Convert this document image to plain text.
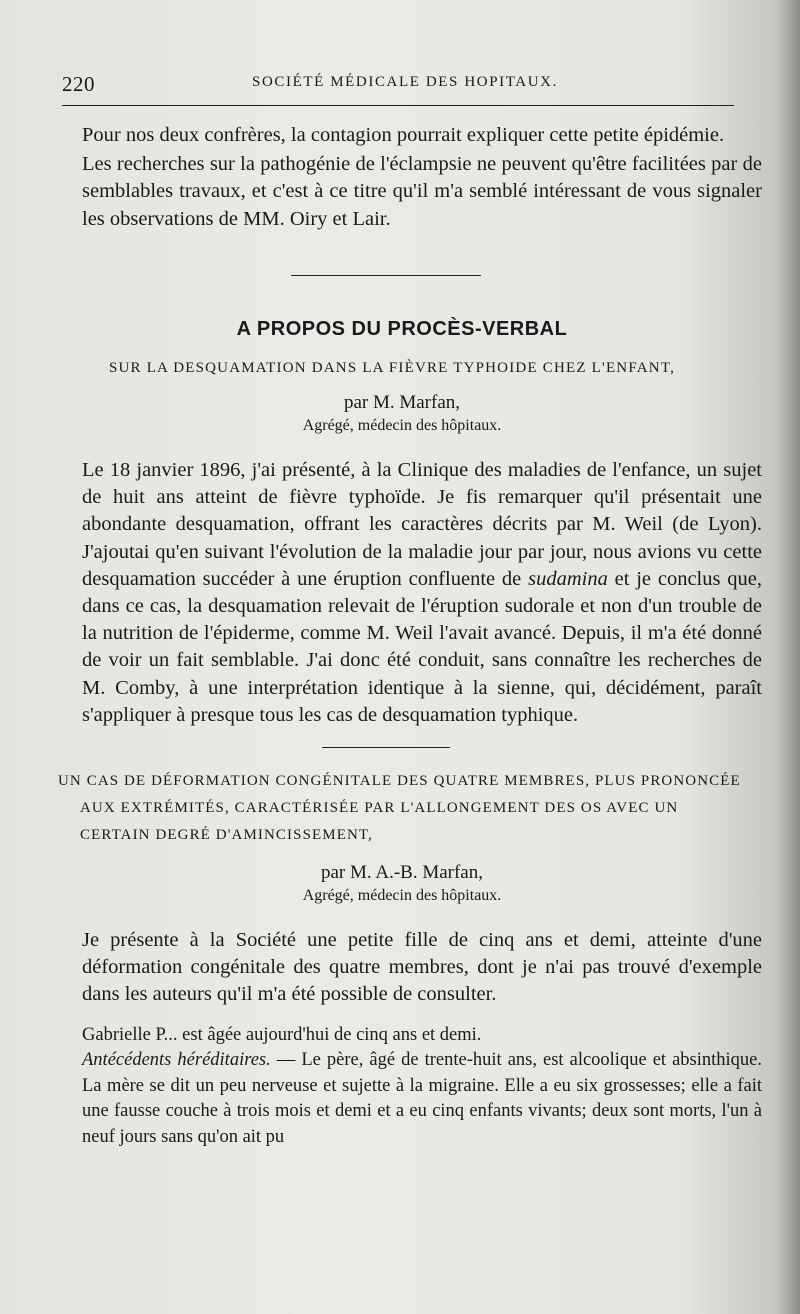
220	SOCIÉTÉ MÉDICALE DES HOPITAUX.

Pour nos deux confrères, la contagion pourrait expliquer cette petite épidémie.

Les recherches sur la pathogénie de l'éclampsie ne peuvent qu'être facilitées par de semblables travaux, et c'est à ce titre qu'il m'a semblé intéressant de vous signaler les observations de MM. Oiry et Lair.

A PROPOS DU PROCÈS-VERBAL
SUR LA DESQUAMATION DANS LA FIÈVRE TYPHOIDE CHEZ L'ENFANT,
par M. Marfan,
Agrégé, médecin des hôpitaux.

Le 18 janvier 1896, j'ai présenté, à la Clinique des maladies de l'enfance, un sujet de huit ans atteint de fièvre typhoïde. Je fis remarquer qu'il présentait une abondante desquamation, offrant les caractères décrits par M. Weil (de Lyon). J'ajoutai qu'en suivant l'évolution de la maladie jour par jour, nous avions vu cette desquamation succéder à une éruption confluente de sudamina et je conclus que, dans ce cas, la desquamation relevait de l'éruption sudorale et non d'un trouble de la nutrition de l'épiderme, comme M. Weil l'avait avancé. Depuis, il m'a été donné de voir un fait semblable. J'ai donc été conduit, sans connaître les recherches de M. Comby, à une interprétation identique à la sienne, qui, décidément, paraît s'appliquer à presque tous les cas de desquamation typhique.

UN CAS DE DÉFORMATION CONGÉNITALE DES QUATRE MEMBRES, PLUS PRONONCÉE
AUX EXTRÉMITÉS, CARACTÉRISÉE PAR L'ALLONGEMENT DES OS AVEC UN
CERTAIN DEGRÉ D'AMINCISSEMENT,
par M. A.-B. Marfan,
Agrégé, médecin des hôpitaux.

Je présente à la Société une petite fille de cinq ans et demi, atteinte d'une déformation congénitale des quatre membres, dont je n'ai pas trouvé d'exemple dans les auteurs qu'il m'a été possible de consulter.

Gabrielle P... est âgée aujourd'hui de cinq ans et demi.

Antécédents héréditaires. — Le père, âgé de trente-huit ans, est alcoolique et absinthique. La mère se dit un peu nerveuse et sujette à la migraine. Elle a eu six grossesses; elle a fait une fausse couche à trois mois et demi et a eu cinq enfants vivants; deux sont morts, l'un à neuf jours sans qu'on ait pu
